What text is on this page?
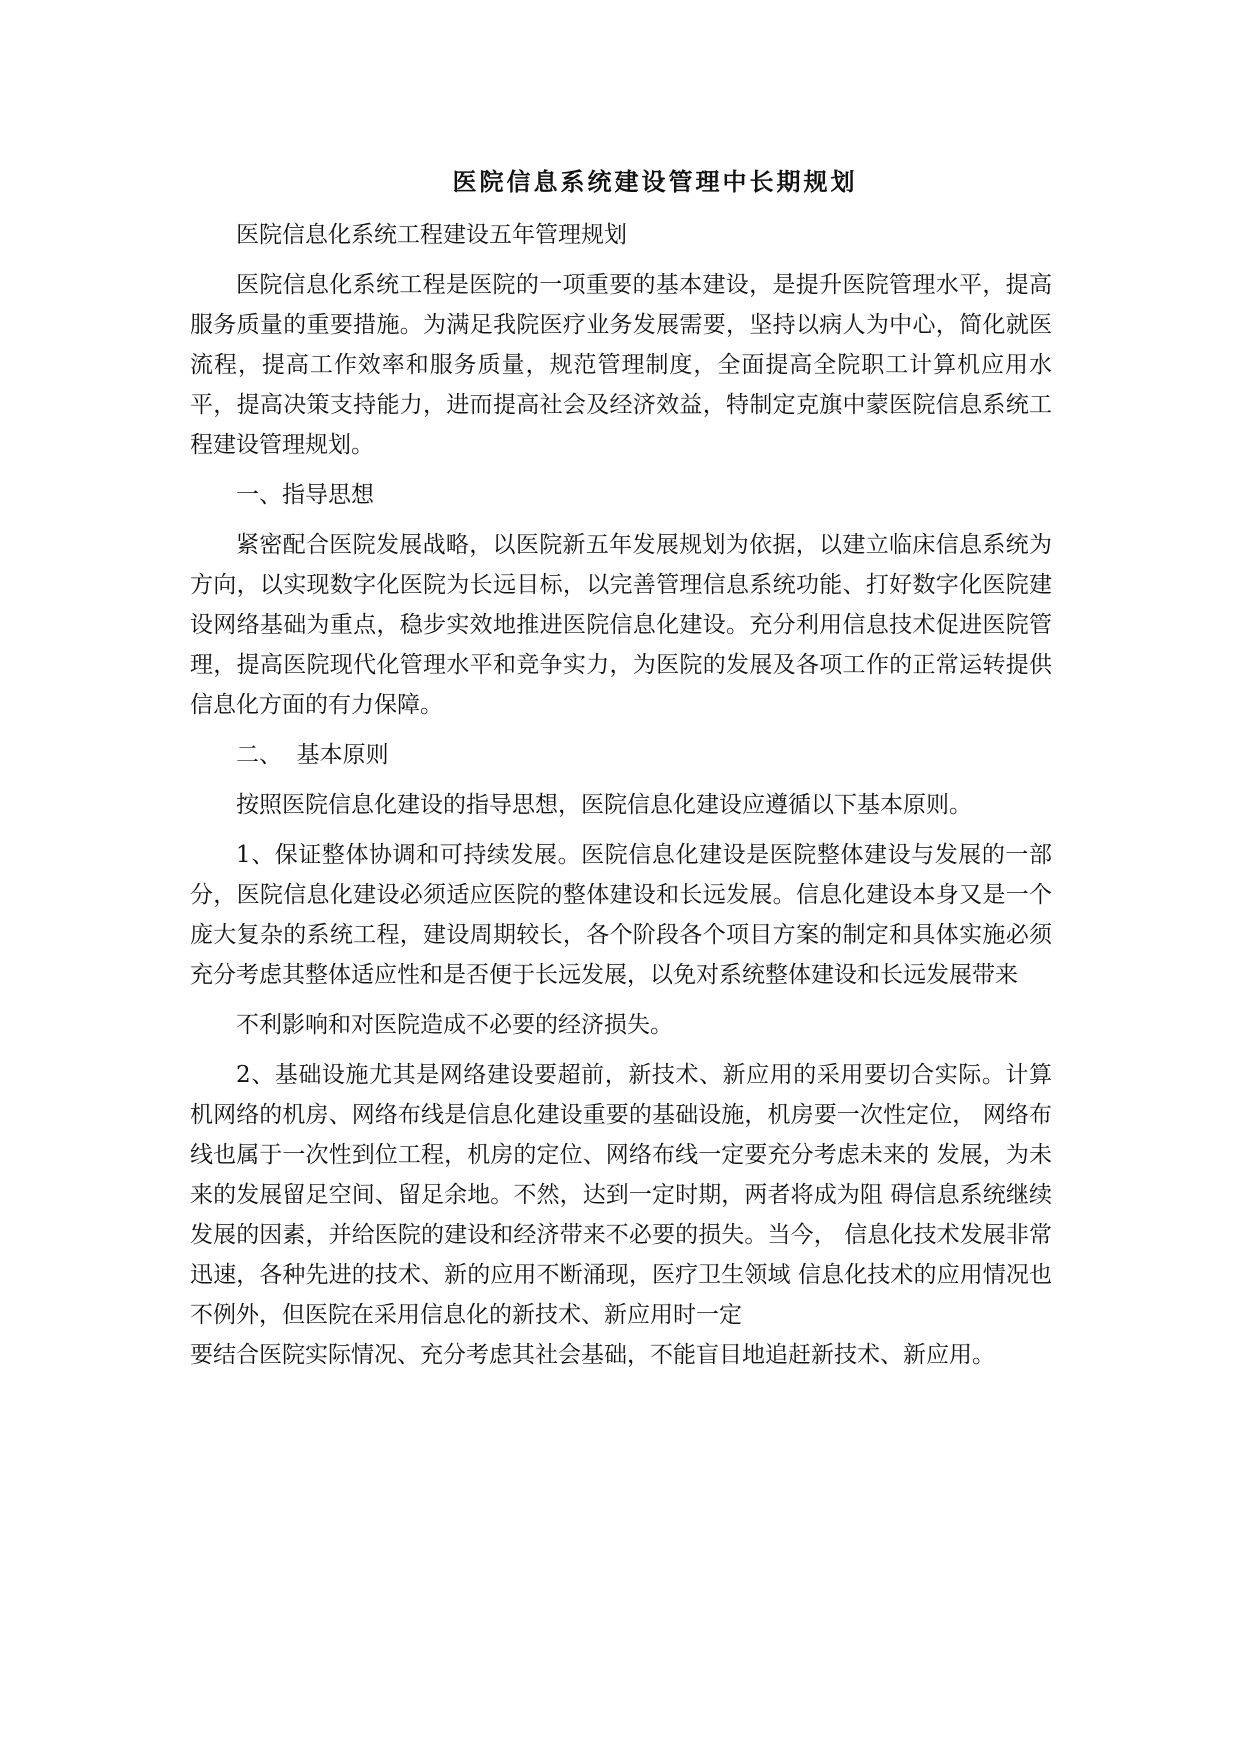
医院信息系统建设管理中长期规划

医院信息化系统工程建设五年管理规划

医院信息化系统工程是医院的一项重要的基本建设，是提升医院管理水平，提高服务质量的重要措施。为满足我院医疗业务发展需要，坚持以病人为中心，简化就医流程，提高工作效率和服务质量，规范管理制度，全面提高全院职工计算机应用水平，提高决策支持能力，进而提高社会及经济效益，特制定克旗中蒙医院信息系统工程建设管理规划。

一、指导思想

紧密配合医院发展战略，以医院新五年发展规划为依据，以建立临床信息系统为方向，以实现数字化医院为长远目标，以完善管理信息系统功能、打好数字化医院建设网络基础为重点，稳步实效地推进医院信息化建设。充分利用信息技术促进医院管理，提高医院现代化管理水平和竞争实力，为医院的发展及各项工作的正常运转提供信息化方面的有力保障。

二、  基本原则

按照医院信息化建设的指导思想，医院信息化建设应遵循以下基本原则。

1、保证整体协调和可持续发展。医院信息化建设是医院整体建设与发展的一部分，医院信息化建设必须适应医院的整体建设和长远发展。信息化建设本身又是一个庞大复杂的系统工程，建设周期较长，各个阶段各个项目方案的制定和具体实施必须充分考虑其整体适应性和是否便于长远发展，以免对系统整体建设和长远发展带来

不利影响和对医院造成不必要的经济损失。

2、基础设施尤其是网络建设要超前，新技术、新应用的采用要切合实际。计算机网络的机房、网络布线是信息化建设重要的基础设施，机房要一次性定位， 网络布线也属于一次性到位工程，机房的定位、网络布线一定要充分考虑未来的 发展，为未来的发展留足空间、留足余地。不然，达到一定时期，两者将成为阻 碍信息系统继续发展的因素，并给医院的建设和经济带来不必要的损失。当今， 信息化技术发展非常迅速，各种先进的技术、新的应用不断涌现，医疗卫生领域 信息化技术的应用情况也不例外，但医院在采用信息化的新技术、新应用时一定

要结合医院实际情况、充分考虑其社会基础，不能盲目地追赶新技术、新应用。
